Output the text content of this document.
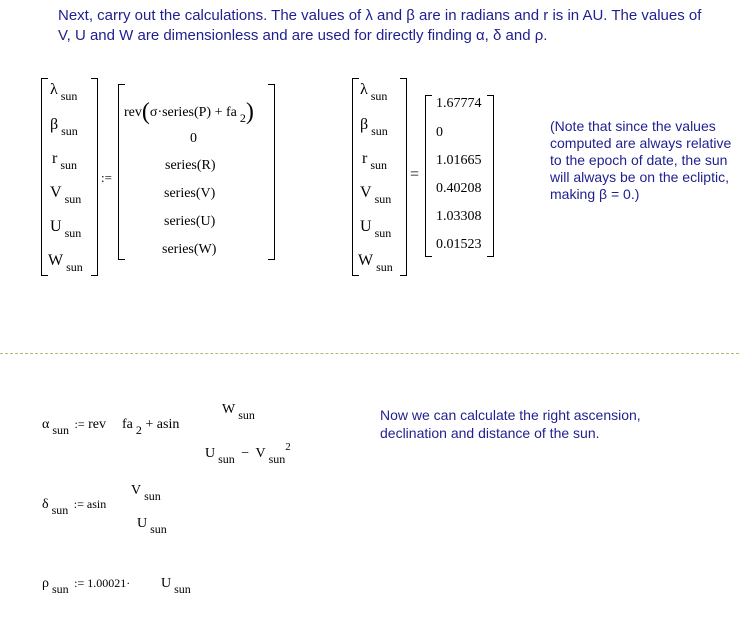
Next, carry out the calculations. The values of λ and β are in radians and r is in AU. The values of V, U and W are dimensionless and are used for directly finding α, δ and ρ.
λ $_{sun}$
β $_{sun}$
r $_{sun}$
V $_{sun}$
U $_{sun}$
W $_{sun}$
:=
rev(σ·series(P) + fa 2)
0
series(R)
series(V)
series(U)
series(W)
λ $_{sun}$
β $_{sun}$
r $_{sun}$
V $_{sun}$
U $_{sun}$
W $_{sun}$
=
1.67774
0
1.01665
0.40208
1.03308
0.01523
(Note that since the values computed are always relative to the epoch of date, the sun will always be on the ecliptic, making β = 0.)
α sun := rev fa 2 + asin
W sun
U sun − V sun$^2$
δ sun := asin
V sun
U sun
ρ sun := 1.00021· U sun
Now we can calculate the right ascension, declination and distance of the sun.
